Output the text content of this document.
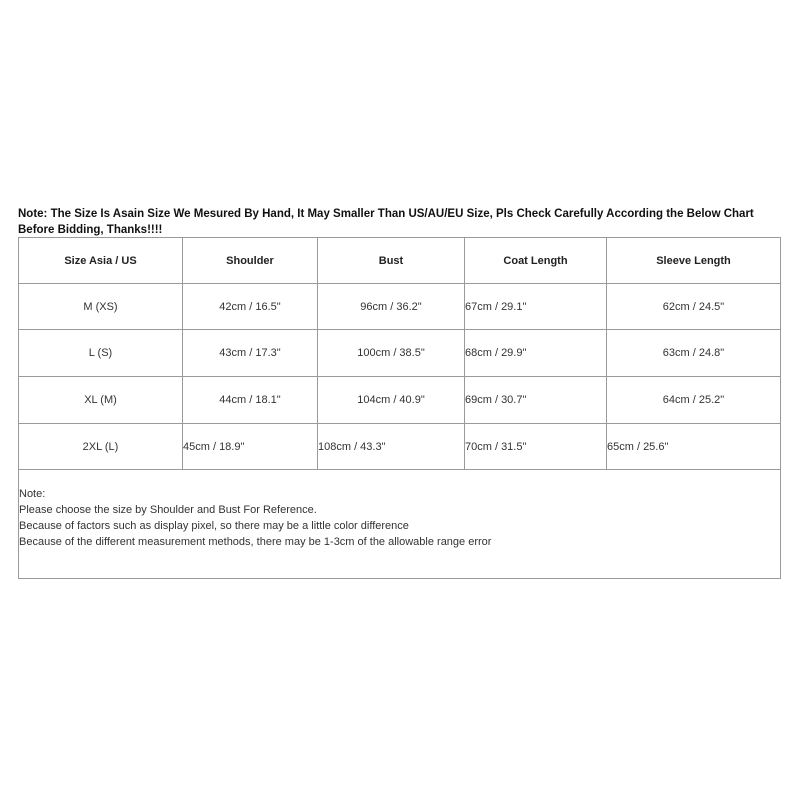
Note: The Size Is Asain Size We Mesured By Hand, It May Smaller Than US/AU/EU Size, Pls Check Carefully According the Below Chart Before Bidding, Thanks!!!!
Size Asia / US	Shoulder	Bust	Coat Length	Sleeve Length
M (XS)	42cm / 16.5"	96cm / 36.2"	67cm / 29.1"	62cm / 24.5"
L (S)	43cm / 17.3"	100cm / 38.5"	68cm / 29.9"	63cm / 24.8"
XL (M)	44cm / 18.1"	104cm / 40.9"	69cm / 30.7"	64cm / 25.2"
2XL (L)	45cm / 18.9"	108cm / 43.3"	70cm / 31.5"	65cm / 25.6"

Note:
Please choose the size by Shoulder and Bust For Reference.
Because of factors such as display pixel, so there may be a little color difference
Because of the different measurement methods, there may be 1-3cm of the allowable range error				
